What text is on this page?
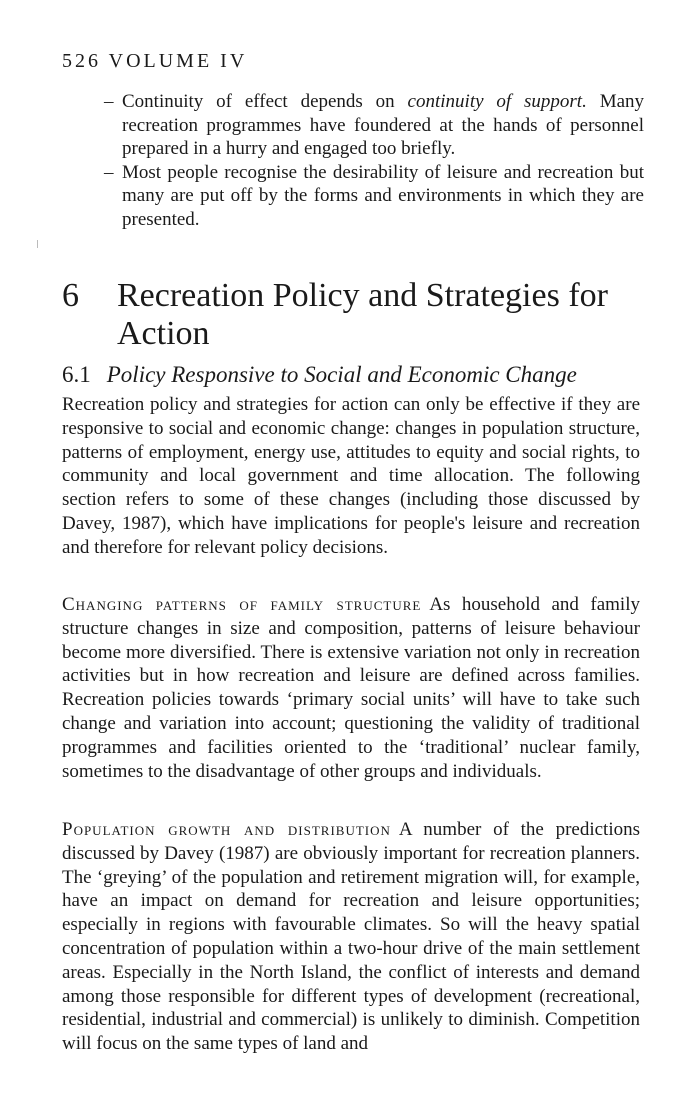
526 VOLUME IV
– Continuity of effect depends on continuity of support. Many recreation programmes have foundered at the hands of personnel prepared in a hurry and engaged too briefly.
– Most people recognise the desirability of leisure and recreation but many are put off by the forms and environments in which they are presented.
6 Recreation Policy and Strategies for Action
6.1 Policy Responsive to Social and Economic Change
Recreation policy and strategies for action can only be effective if they are responsive to social and economic change: changes in population structure, patterns of employment, energy use, attitudes to equity and social rights, to community and local government and time allocation. The following section refers to some of these changes (including those discussed by Davey, 1987), which have implications for people's leisure and recreation and therefore for relevant policy decisions.
Changing patterns of family structure As household and family structure changes in size and composition, patterns of leisure behaviour become more diversified. There is extensive variation not only in recreation activities but in how recreation and leisure are defined across families. Recreation policies towards ‘primary social units’ will have to take such change and variation into account; questioning the validity of traditional programmes and facilities oriented to the ‘traditional’ nuclear family, sometimes to the disadvantage of other groups and individuals.
Population growth and distribution A number of the predictions discussed by Davey (1987) are obviously important for recreation planners. The ‘greying’ of the population and retirement migration will, for example, have an impact on demand for recreation and leisure opportunities; especially in regions with favourable climates. So will the heavy spatial concentration of population within a two-hour drive of the main settlement areas. Especially in the North Island, the conflict of interests and demand among those responsible for different types of development (recreational, residential, industrial and commercial) is unlikely to diminish. Competition will focus on the same types of land and
